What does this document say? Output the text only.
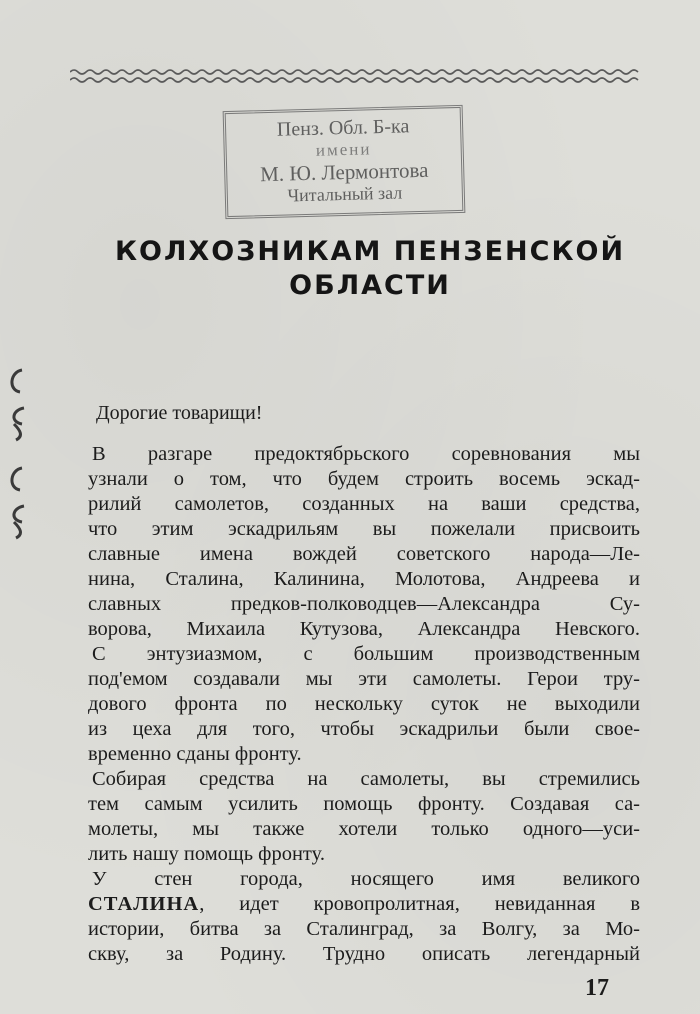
Пенз. Обл. Б-ка
имени
М. Ю. Лермонтова
Читальный зал
КОЛХОЗНИКАМ ПЕНЗЕНСКОЙ
ОБЛАСТИ
Дорогие товарищи!
В разгаре предоктябрьского соревнования мы
узнали о том, что будем строить восемь эскад-
рилий самолетов, созданных на ваши средства,
что этим эскадрильям вы пожелали присвоить
славные имена вождей советского народа—Ле-
нина, Сталина, Калинина, Молотова, Андреева и
славных предков-полководцев—Александра Су-
ворова, Михаила Кутузова, Александра Невского.
С энтузиазмом, с большим производственным
под'емом создавали мы эти самолеты. Герои тру-
дового фронта по нескольку суток не выходили
из цеха для того, чтобы эскадрильи были свое-
временно сданы фронту.
Собирая средства на самолеты, вы стремились
тем самым усилить помощь фронту. Создавая са-
молеты, мы также хотели только одного—уси-
лить нашу помощь фронту.
У стен города, носящего имя великого
СТАЛИНА, идет кровопролитная, невиданная в
истории, битва за Сталинград, за Волгу, за Мо-
скву, за Родину. Трудно описать легендарный
17
